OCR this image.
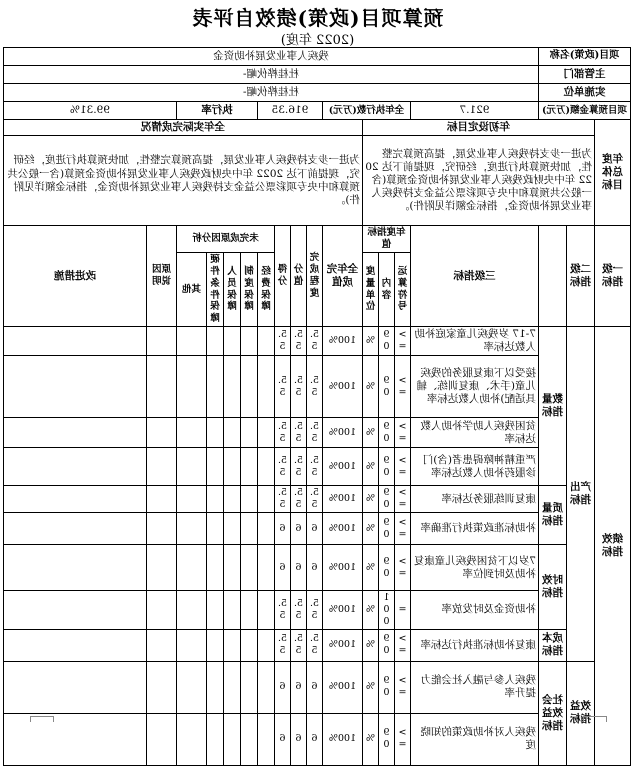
预算项目(政策)绩效自评表
(2022 年度)
项目(政策)名称			残疾人事业发展补助资金														
主管部门			杜桂桦伙嵋-														
实施单位			杜桂桦伙嵋-														
项目预算金额(万元)			921.7	全年执行数(万元)				916.35				执行率				99.31%	
年度总体目标	年初设定目标						全年实际完成情况										
	为进一步支持残疾人事业发展，提高预算完整性，加快预算执行进度，经研究，现提前下达 2022 年中央财政残疾人事业发展补助资金预算(含一般公共预算和中央专项彩票公益金支持残疾人事业发展补助资金，指标金额详见附件)。						为进一步支持残疾人事业发展，提高预算完整性，加快预算执行进度，经研究，现提前下达 2022 年中央财政残疾人事业发展补助资金预算(含一般公共预算和中央专项彩票公益金支持残疾人事业发展补助资金，指标金额详见附件)。										
一级指标	二级指标		三级指标	年度指标值			全年完成值	完成程度	分值	得分	未完成原因分析					原因说明	改进措施
				运算符号	内容	度量单位					经费保障	制度保障	人员保障	硬件条件保障	其他		
绩效指标	产出指标	数量指标	7-17 岁残疾儿童家庭补助人数达标率	>=	90	%	100%	5.5	5.5	5.5							
			接受以下康复服务的残疾儿童(手术、康复训练、辅具适配)补助人数达标率	>=	90	%	100%	5.5	5.5	5.5							
			贫困残疾人助学补助人数达标率	>=	90	%	100%	5.5	5.5	5.5							
			严重精神障碍患者(含)门诊服药补助人数达标率	>=	90	%	100%	5.5	5.5	5.5							
		质量指标	康复训练服务达标率	>=	90	%	100%	5.5	5.5	5.5							
			补助标准政策执行准确率	>=	90	%	100%	6	6	6							
		时效指标	7岁以下贫困残疾儿童康复补助及时到位率	>=	90	%	100%	6	6	6							
			补助资金及时发放率	=	100	%	100%	5.5	5.5	5.5							
		成本指标	康复补助标准执行达标率	>=	90	%	100%	5.5	5.5	5.5							
	效益指标	社会效益指标	残疾人参与融入社会能力提升率	>=	90	%	100%	6	6	6							
			残疾人对补助政策的知晓度	>=	90	%	100%	6	6	6							
